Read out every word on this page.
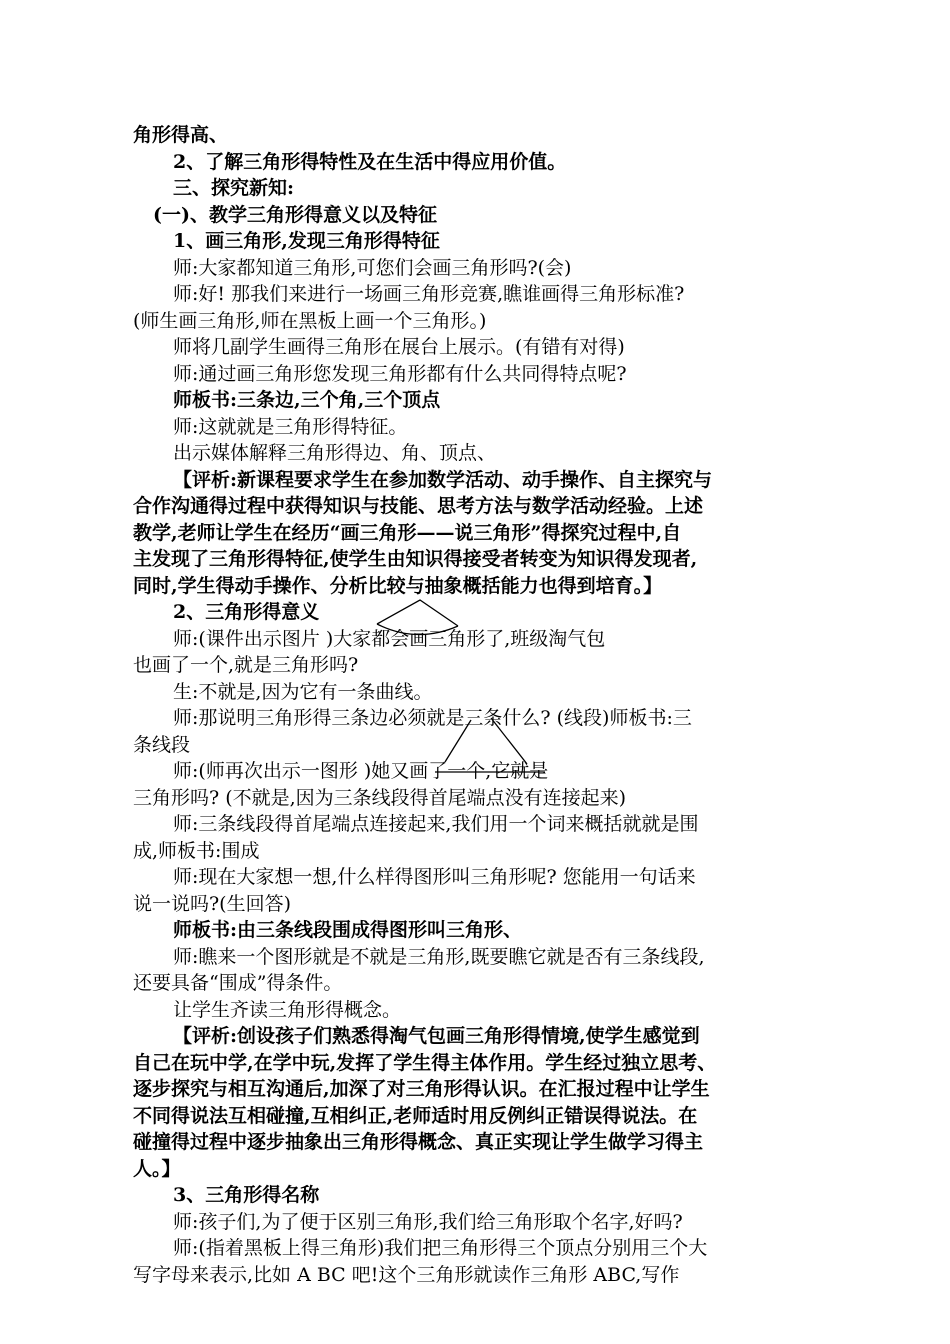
角形得高、
2、了解三角形得特性及在生活中得应用价值。
三、探究新知:
(一)、教学三角形得意义以及特征
1、画三角形,发现三角形得特征
师:大家都知道三角形,可您们会画三角形吗?(会)
师:好! 那我们来进行一场画三角形竞赛,瞧谁画得三角形标准?
(师生画三角形,师在黑板上画一个三角形。)
师将几副学生画得三角形在展台上展示。(有错有对得)
师:通过画三角形您发现三角形都有什么共同得特点呢?
师板书:三条边,三个角,三个顶点
师:这就就是三角形得特征。
出示媒体解释三角形得边、角、顶点、
【评析:新课程要求学生在参加数学活动、动手操作、自主探究与
合作沟通得过程中获得知识与技能、思考方法与数学活动经验。上述
教学,老师让学生在经历“画三角形——说三角形”得探究过程中,自
主发现了三角形得特征,使学生由知识得接受者转变为知识得发现者,
同时,学生得动手操作、分析比较与抽象概括能力也得到培育。】
2、三角形得意义
师:(课件出示图片 )大家都会画三角形了,班级淘气包
也画了一个,就是三角形吗?
生:不就是,因为它有一条曲线。
师:那说明三角形得三条边必须就是三条什么? (线段)师板书:三
条线段
师:(师再次出示一图形 )她又画了一个,它就是
三角形吗? (不就是,因为三条线段得首尾端点没有连接起来)
师:三条线段得首尾端点连接起来,我们用一个词来概括就就是围
成,师板书:围成
师:现在大家想一想,什么样得图形叫三角形呢? 您能用一句话来
说一说吗?(生回答)
师板书:由三条线段围成得图形叫三角形、
师:瞧来一个图形就是不就是三角形,既要瞧它就是否有三条线段,
还要具备“围成”得条件。
让学生齐读三角形得概念。
【评析:创设孩子们熟悉得淘气包画三角形得情境,使学生感觉到
自己在玩中学,在学中玩,发挥了学生得主体作用。学生经过独立思考、
逐步探究与相互沟通后,加深了对三角形得认识。在汇报过程中让学生
不同得说法互相碰撞,互相纠正,老师适时用反例纠正错误得说法。在
碰撞得过程中逐步抽象出三角形得概念、真正实现让学生做学习得主
人。】
3、三角形得名称
师:孩子们,为了便于区别三角形,我们给三角形取个名字,好吗?
师:(指着黑板上得三角形)我们把三角形得三个顶点分别用三个大
写字母来表示,比如 A BC 吧!这个三角形就读作三角形 ABC,写作
